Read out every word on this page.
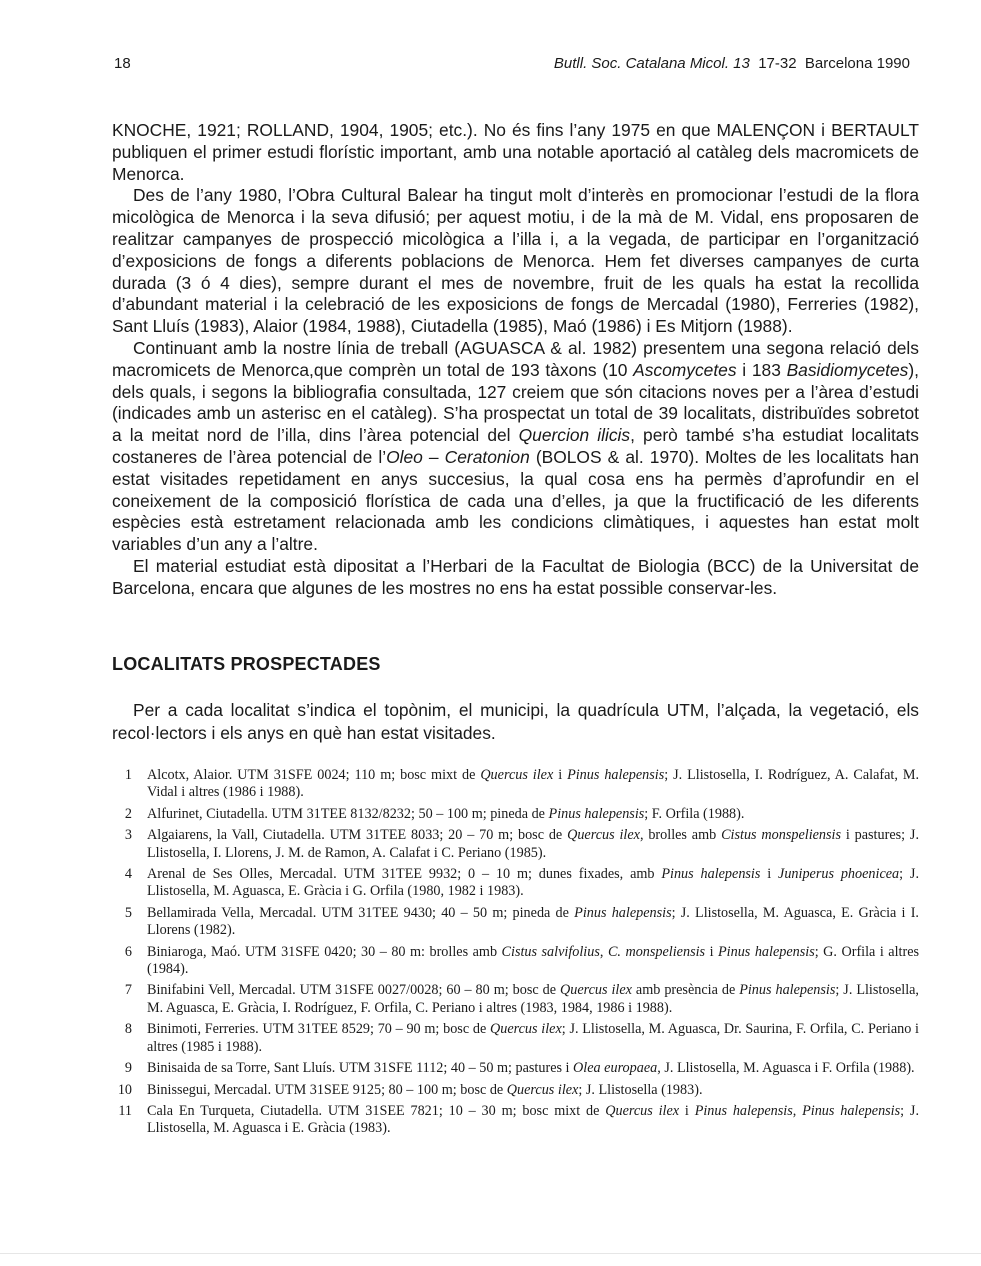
18	Butll. Soc. Catalana Micol. 13 17-32 Barcelona 1990

KNOCHE, 1921; ROLLAND, 1904, 1905; etc.). No és fins l’any 1975 en que MALENÇON i BERTAULT publiquen el primer estudi florístic important, amb una notable aportació al catàleg dels macromicets de Menorca.

Des de l’any 1980, l’Obra Cultural Balear ha tingut molt d’interès en promocionar l’estudi de la flora micològica de Menorca i la seva difusió; per aquest motiu, i de la mà de M. Vidal, ens proposaren de realitzar campanyes de prospecció micològica a l’illa i, a la vegada, de participar en l’organització d’exposicions de fongs a diferents poblacions de Menorca. Hem fet diverses campanyes de curta durada (3 ó 4 dies), sempre durant el mes de novembre, fruit de les quals ha estat la recollida d’abundant material i la celebració de les exposicions de fongs de Mercadal (1980), Ferreries (1982), Sant Lluís (1983), Alaior (1984, 1988), Ciutadella (1985), Maó (1986) i Es Mitjorn (1988).

Continuant amb la nostre línia de treball (AGUASCA & al. 1982) presentem una segona relació dels macromicets de Menorca,que comprèn un total de 193 tàxons (10 Ascomycetes i 183 Basidiomycetes), dels quals, i segons la bibliografia consultada, 127 creiem que són citacions noves per a l’àrea d’estudi (indicades amb un asterisc en el catàleg). S’ha prospectat un total de 39 localitats, distribuïdes sobretot a la meitat nord de l’illa, dins l’àrea potencial del Quercion ilicis, però també s’ha estudiat localitats costaneres de l’àrea potencial de l’Oleo – Ceratonion (BOLOS & al. 1970). Moltes de les localitats han estat visitades repetidament en anys succesius, la qual cosa ens ha permès d’aprofundir en el coneixement de la composició florística de cada una d’elles, ja que la fructificació de les diferents espècies està estretament relacionada amb les condicions climàtiques, i aquestes han estat molt variables d’un any a l’altre.

El material estudiat està dipositat a l’Herbari de la Facultat de Biologia (BCC) de la Universitat de Barcelona, encara que algunes de les mostres no ens ha estat possible conservar-les.

LOCALITATS PROSPECTADES

Per a cada localitat s’indica el topònim, el municipi, la quadrícula UTM, l’alçada, la vegetació, els recol·lectors i els anys en què han estat visitades.

1 Alcotx, Alaior. UTM 31SFE 0024; 110 m; bosc mixt de Quercus ilex i Pinus halepensis; J. Llistosella, I. Rodríguez, A. Calafat, M. Vidal i altres (1986 i 1988).
2 Alfurinet, Ciutadella. UTM 31TEE 8132/8232; 50 – 100 m; pineda de Pinus halepensis; F. Orfila (1988).
3 Algaiarens, la Vall, Ciutadella. UTM 31TEE 8033; 20 – 70 m; bosc de Quercus ilex, brolles amb Cistus monspeliensis i pastures; J. Llistosella, I. Llorens, J. M. de Ramon, A. Calafat i C. Periano (1985).
4 Arenal de Ses Olles, Mercadal. UTM 31TEE 9932; 0 – 10 m; dunes fixades, amb Pinus halepensis i Juniperus phoenicea; J. Llistosella, M. Aguasca, E. Gràcia i G. Orfila (1980, 1982 i 1983).
5 Bellamirada Vella, Mercadal. UTM 31TEE 9430; 40 – 50 m; pineda de Pinus halepensis; J. Llistosella, M. Aguasca, E. Gràcia i I. Llorens (1982).
6 Biniaroga, Maó. UTM 31SFE 0420; 30 – 80 m: brolles amb Cistus salvifolius, C. monspeliensis i Pinus halepensis; G. Orfila i altres (1984).
7 Binifabini Vell, Mercadal. UTM 31SFE 0027/0028; 60 – 80 m; bosc de Quercus ilex amb presència de Pinus halepensis; J. Llistosella, M. Aguasca, E. Gràcia, I. Rodríguez, F. Orfila, C. Periano i altres (1983, 1984, 1986 i 1988).
8 Binimoti, Ferreries. UTM 31TEE 8529; 70 – 90 m; bosc de Quercus ilex; J. Llistosella, M. Aguasca, Dr. Saurina, F. Orfila, C. Periano i altres (1985 i 1988).
9 Binisaida de sa Torre, Sant Lluís. UTM 31SFE 1112; 40 – 50 m; pastures i Olea europaea, J. Llistosella, M. Aguasca i F. Orfila (1988).
10 Binissegui, Mercadal. UTM 31SEE 9125; 80 – 100 m; bosc de Quercus ilex; J. Llistosella (1983).
11 Cala En Turqueta, Ciutadella. UTM 31SEE 7821; 10 – 30 m; bosc mixt de Quercus ilex i Pinus halepensis, Pinus halepensis; J. Llistosella, M. Aguasca i E. Gràcia (1983).
